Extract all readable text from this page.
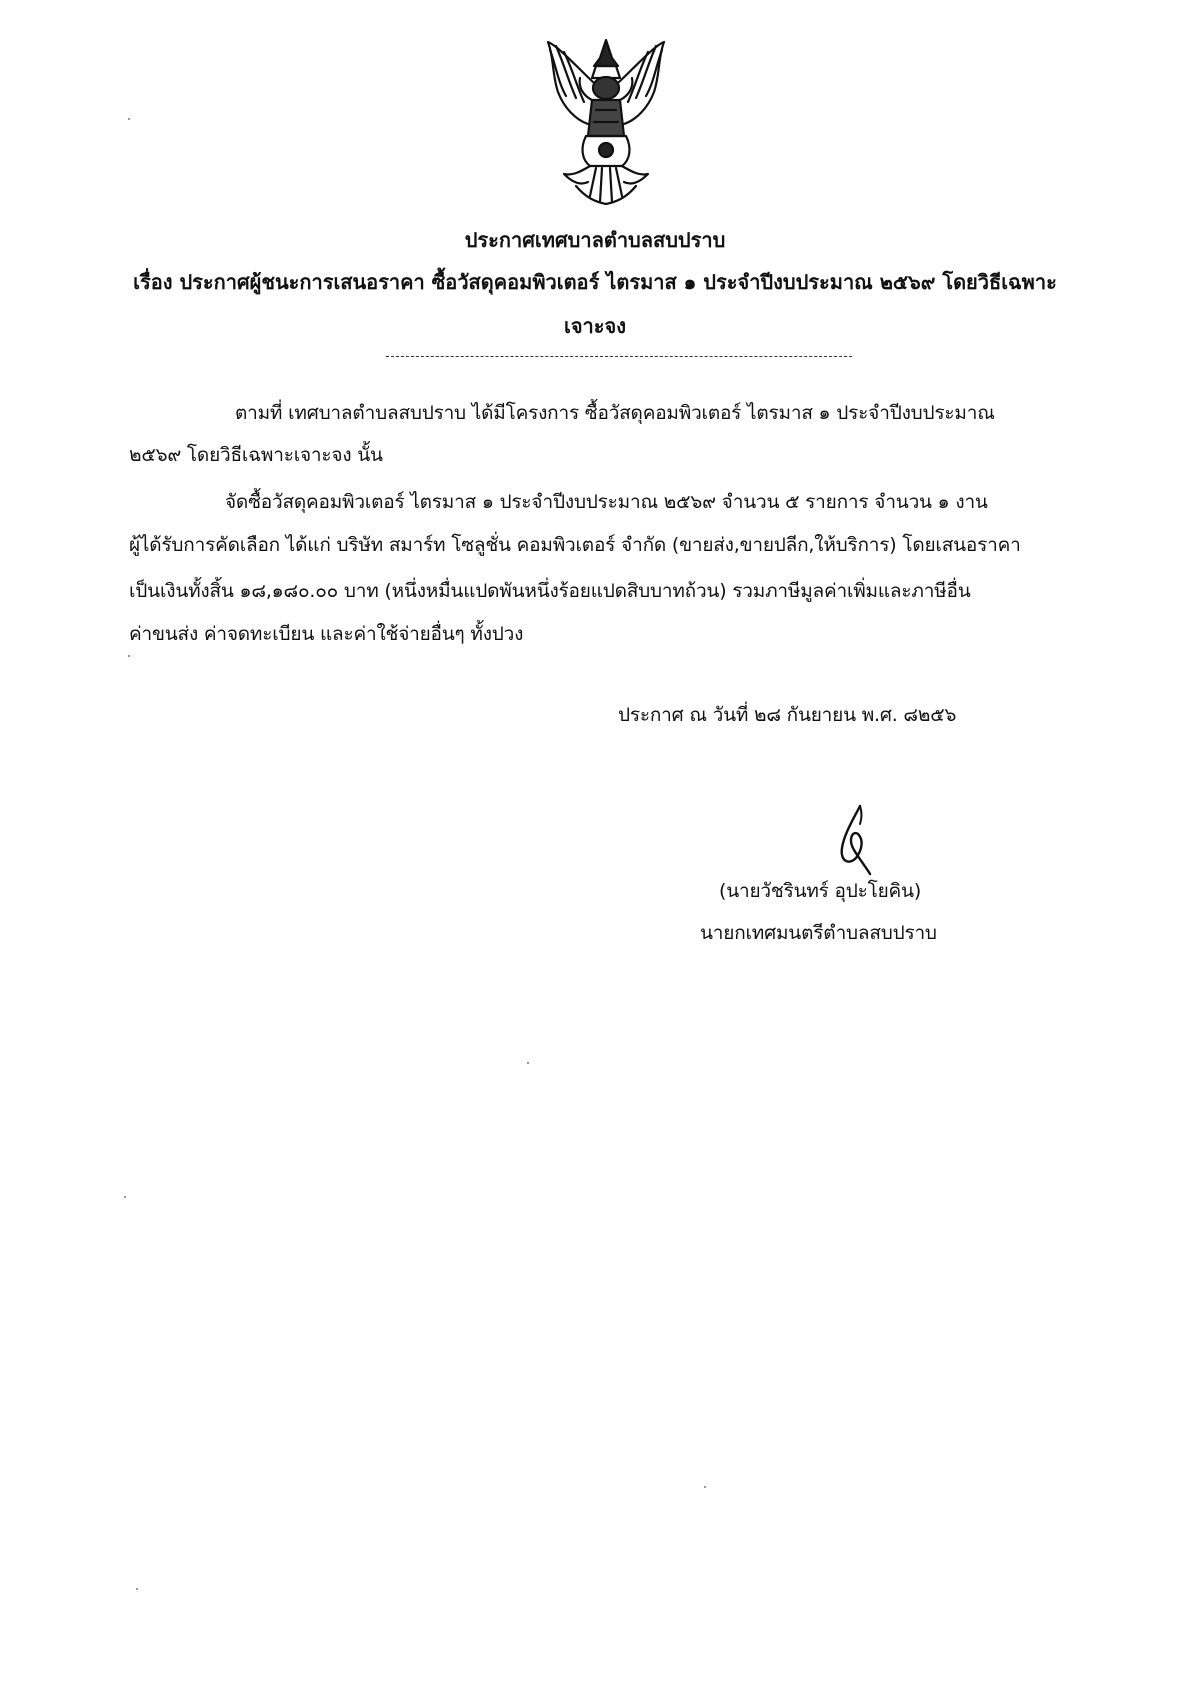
ประกาศเทศบาลตำบลสบปราบ
เรื่อง ประกาศผู้ชนะการเสนอราคา ซื้อวัสดุคอมพิวเตอร์ ไตรมาส ๑ ประจำปีงบประมาณ ๒๕๖๙ โดยวิธีเฉพาะ
เจาะจง
ตามที่ เทศบาลตำบลสบปราบ ได้มีโครงการ ซื้อวัสดุคอมพิวเตอร์ ไตรมาส ๑ ประจำปีงบประมาณ
๒๕๖๙ โดยวิธีเฉพาะเจาะจง นั้น
จัดซื้อวัสดุคอมพิวเตอร์ ไตรมาส ๑ ประจำปีงบประมาณ ๒๕๖๙ จำนวน ๕ รายการ จำนวน ๑ งาน
ผู้ได้รับการคัดเลือก ได้แก่ บริษัท สมาร์ท โซลูชั่น คอมพิวเตอร์ จำกัด (ขายส่ง,ขายปลีก,ให้บริการ) โดยเสนอราคา
เป็นเงินทั้งสิ้น ๑๘,๑๘๐.๐๐ บาท (หนึ่งหมื่นแปดพันหนึ่งร้อยแปดสิบบาทถ้วน) รวมภาษีมูลค่าเพิ่มและภาษีอื่น
ค่าขนส่ง ค่าจดทะเบียน และค่าใช้จ่ายอื่นๆ ทั้งปวง
ประกาศ ณ วันที่ ๒๘ กันยายน พ.ศ. ๘๒๕๖
(นายวัชรินทร์ อุปะโยคิน)
นายกเทศมนตรีตำบลสบปราบ
